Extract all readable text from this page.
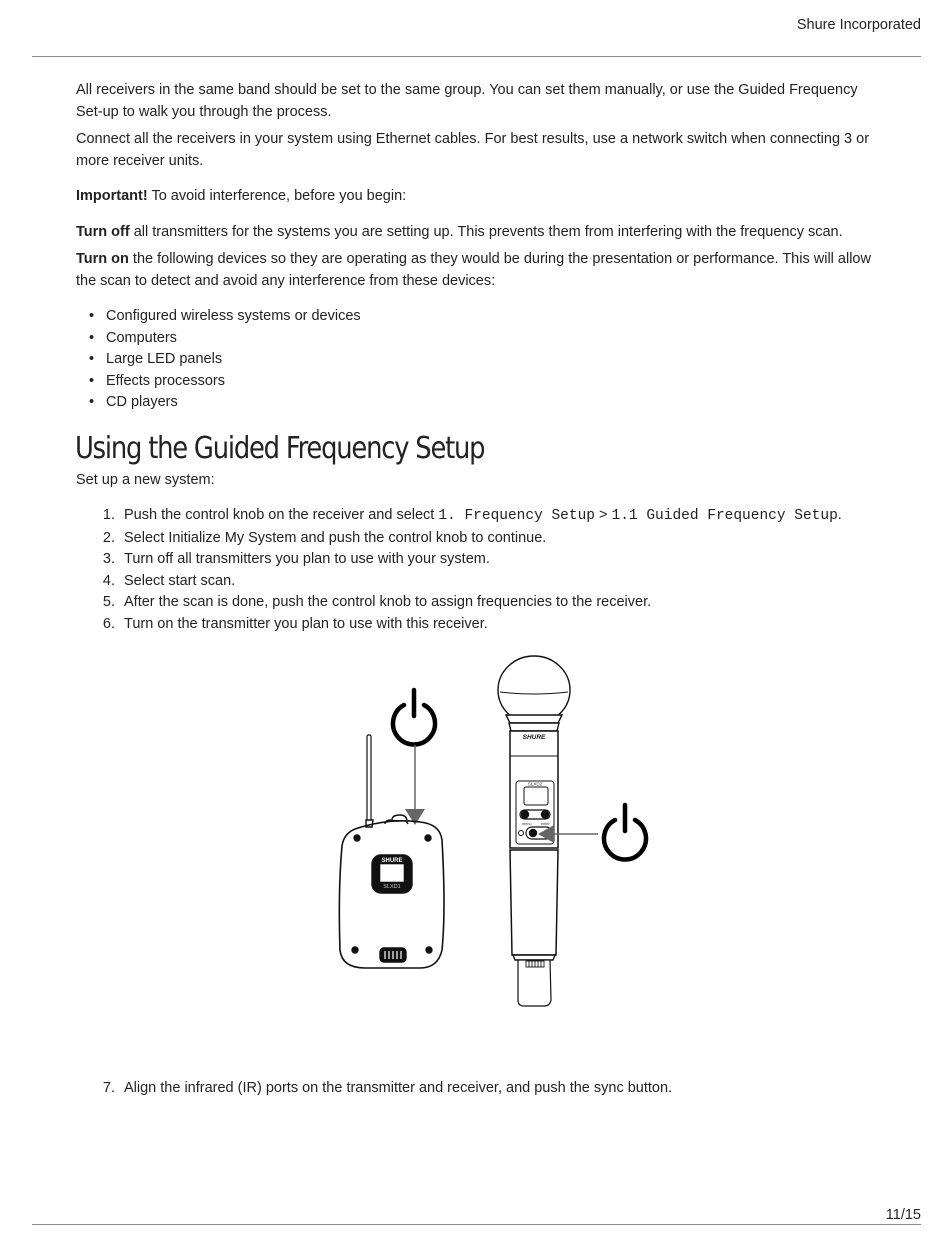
Shure Incorporated

All receivers in the same band should be set to the same group. You can set them manually, or use the Guided Frequency Set-up to walk you through the process.

Connect all the receivers in your system using Ethernet cables. For best results, use a network switch when connecting 3 or more receiver units.

Important! To avoid interference, before you begin:

Turn off all transmitters for the systems you are setting up. This prevents them from interfering with the frequency scan.

Turn on the following devices so they are operating as they would be during the presentation or performance. This will allow the scan to detect and avoid any interference from these devices:

• Configured wireless systems or devices
• Computers
• Large LED panels
• Effects processors
• CD players
Using the Guided Frequency Setup

Set up a new system:

1. Push the control knob on the receiver and select 1. Frequency Setup > 1.1 Guided Frequency Setup.
2. Select Initialize My System and push the control knob to continue.
3. Turn off all transmitters you plan to use with your system.
4. Select start scan.
5. After the scan is done, push the control knob to assign frequencies to the receiver.
6. Turn on the transmitter you plan to use with this receiver.
SHURE
SLXD1
SHURE
SLXD2
menu	enter
7. Align the infrared (IR) ports on the transmitter and receiver, and push the sync button.
11/15
